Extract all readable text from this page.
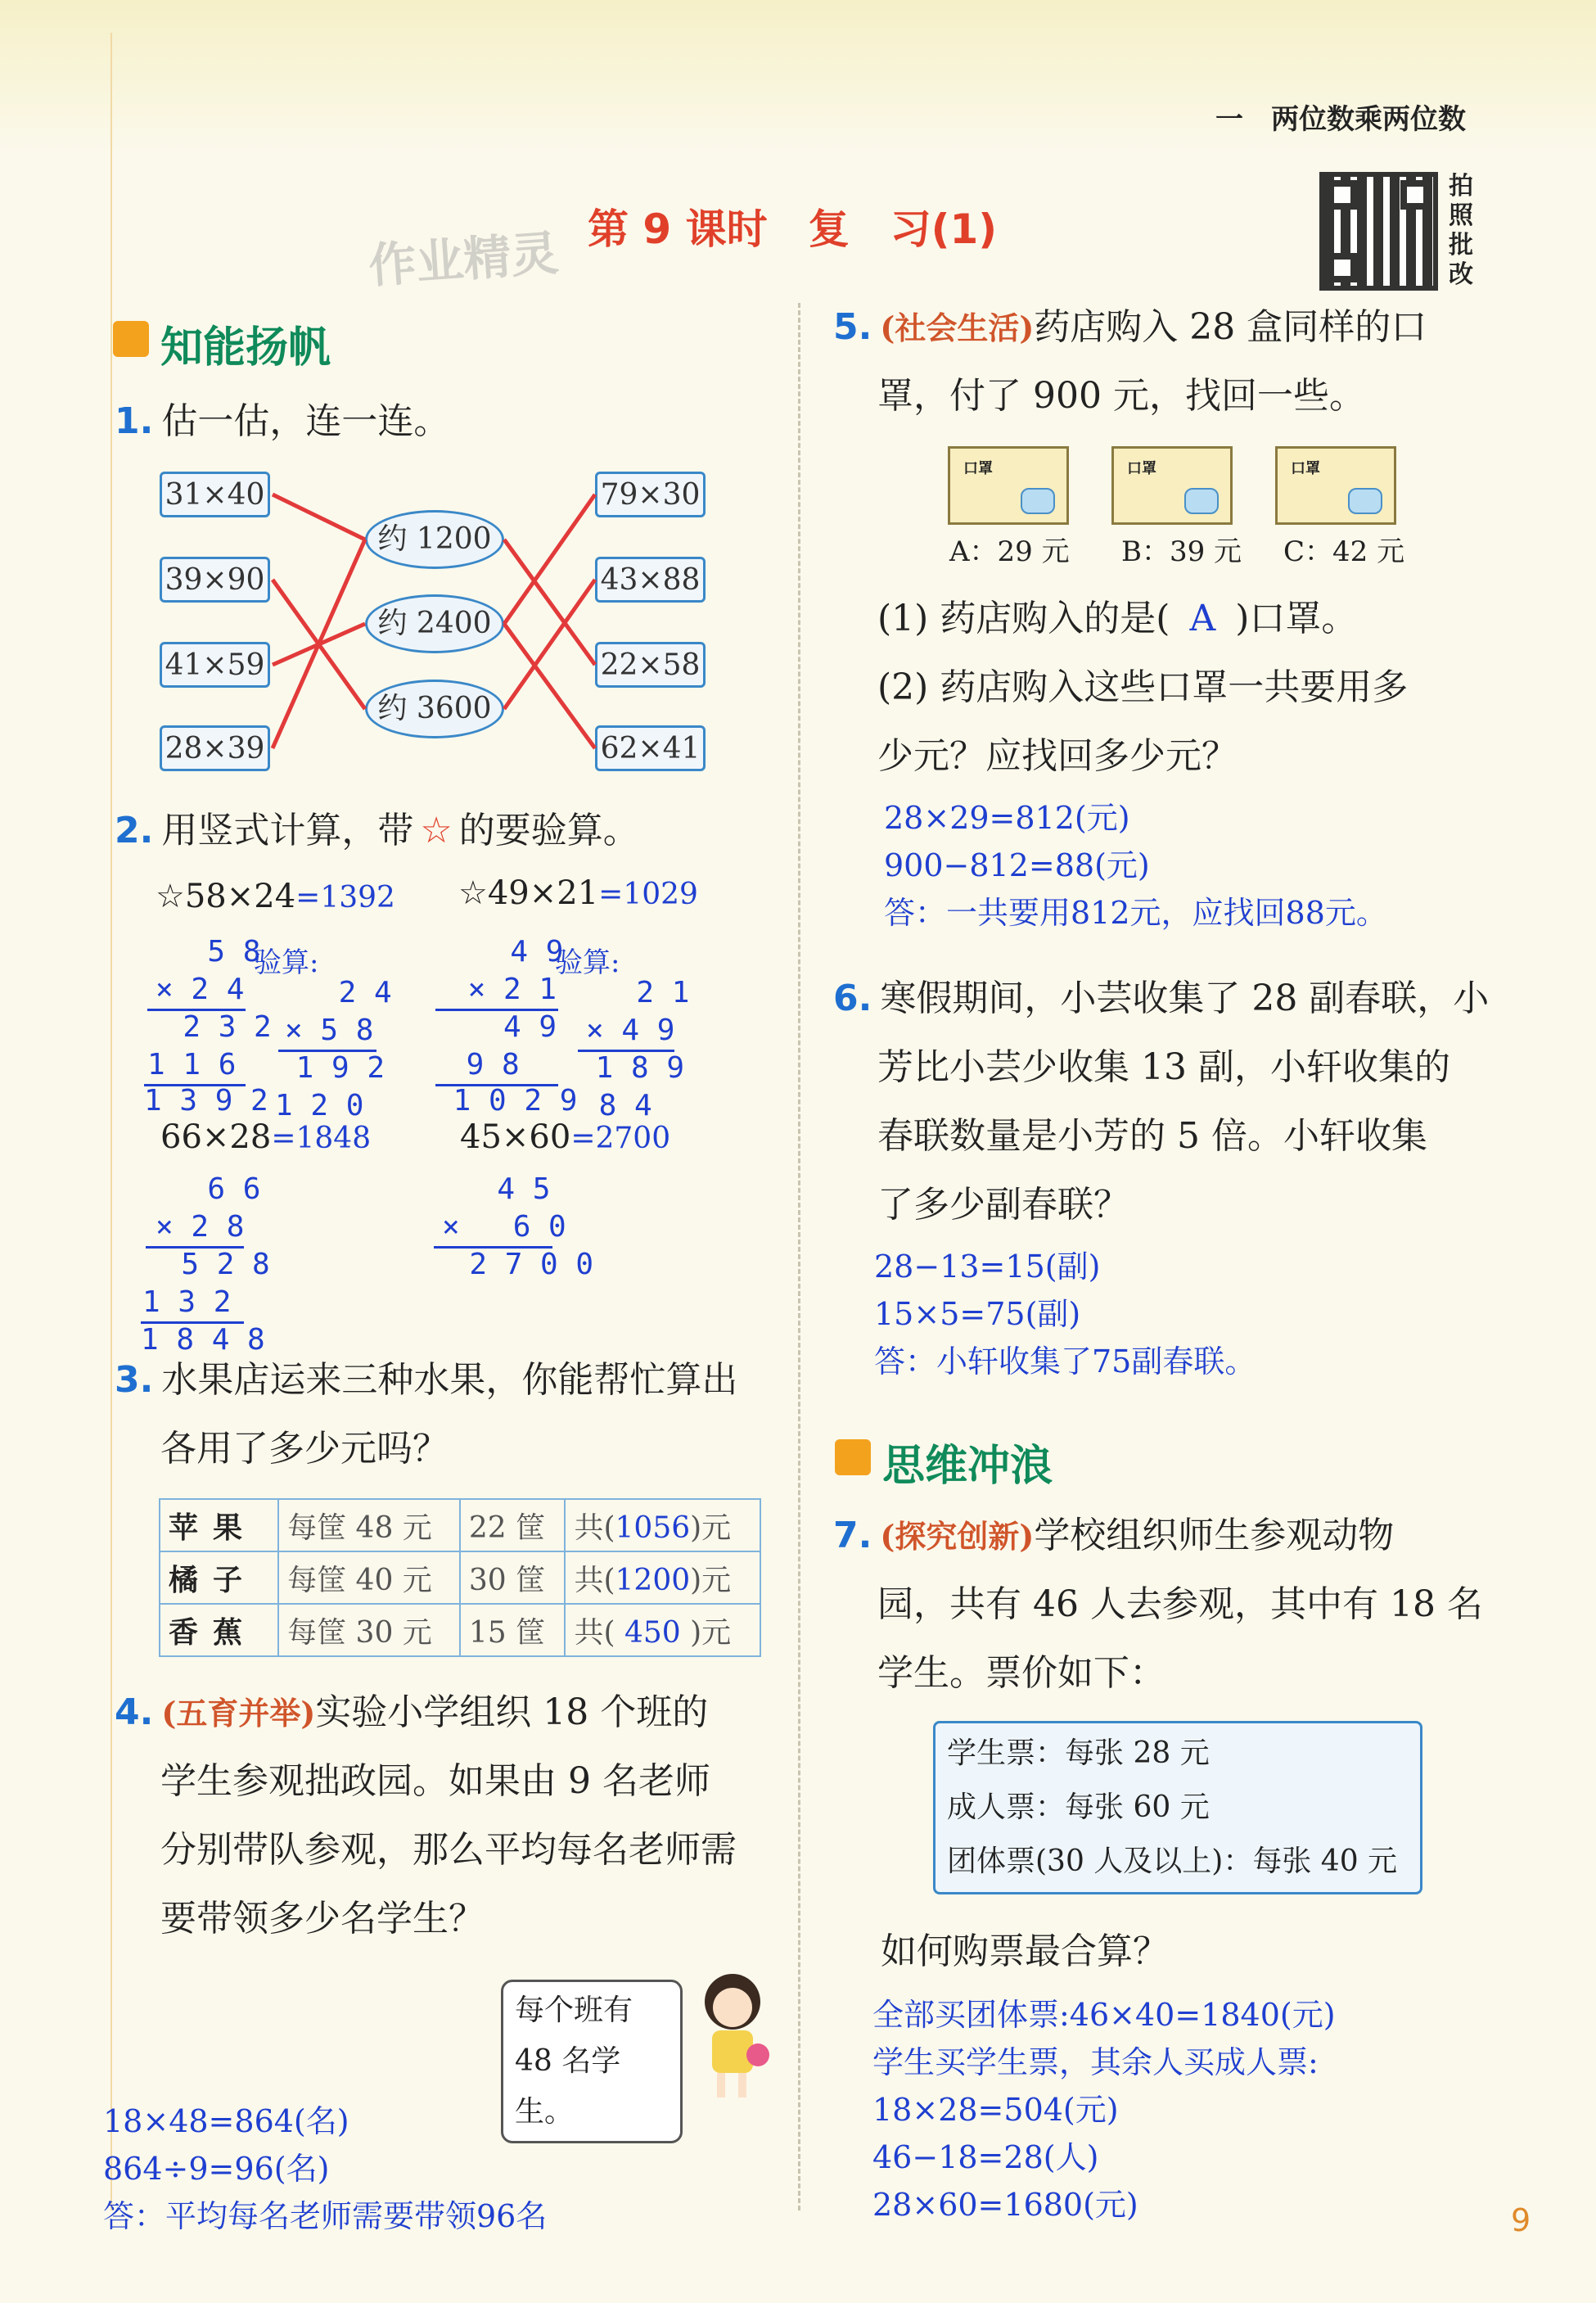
一　两位数乘两位数
作业精灵 第 9 课时　复　习(1)
拍
照
批
改
知能扬帆
1. 估一估，连一连。
31×40
39×90
41×59
28×39
约 1200
约 2400
约 3600
79×30
43×88
22×58
62×41
2. 用竖式计算，带 ☆ 的要验算。
☆58×24=1392 ☆49×21=1029
验算:	验算:
5 8
× 2 4
2 3 2
1 1 6
1 3 9 2
2 4
× 5 8
1 9 2
1 2 0
4 9
× 2 1
4 9
9 8
1 0 2 9
2 1
× 4 9
1 8 9
8 4
66×28=1848	45×60=2700
6 6
× 2 8
5 2 8
1 3 2
1 8 4 8
4 5
×   6 0
2 7 0 0
3. 水果店运来三种水果，你能帮忙算出
各用了多少元吗？
苹果	每筐 48 元	22 筐	共(1056)元
橘子	每筐 40 元	30 筐	共(1200)元
香蕉	每筐 30 元	15 筐	共( 450 )元
4. (五育并举)实验小学组织 18 个班的
学生参观拙政园。如果由 9 名老师
分别带队参观，那么平均每名老师需
要带领多少名学生？
每个班有
48 名学生。
18×48=864(名)
864÷9=96(名)
答：平均每名老师需要带领96名
5. (社会生活)药店购入 28 盒同样的口
罩，付了 900 元，找回一些。
口罩	口罩	口罩
A：29 元 B：39 元 C：42 元
(1) 药店购入的是( A )口罩。
(2) 药店购入这些口罩一共要用多
少元？应找回多少元？
28×29=812(元)
900−812=88(元)
答：一共要用812元，应找回88元。
6. 寒假期间，小芸收集了 28 副春联，小
芳比小芸少收集 13 副，小轩收集的
春联数量是小芳的 5 倍。小轩收集
了多少副春联？
28−13=15(副)
15×5=75(副)
答：小轩收集了75副春联。
思维冲浪
7. (探究创新)学校组织师生参观动物
园，共有 46 人去参观，其中有 18 名
学生。票价如下：
学生票：每张 28 元
成人票：每张 60 元
团体票(30 人及以上)：每张 40 元
如何购票最合算？
全部买团体票:46×40=1840(元)
学生买学生票，其余人买成人票:
18×28=504(元)
46−18=28(人)
28×60=1680(元)	9
